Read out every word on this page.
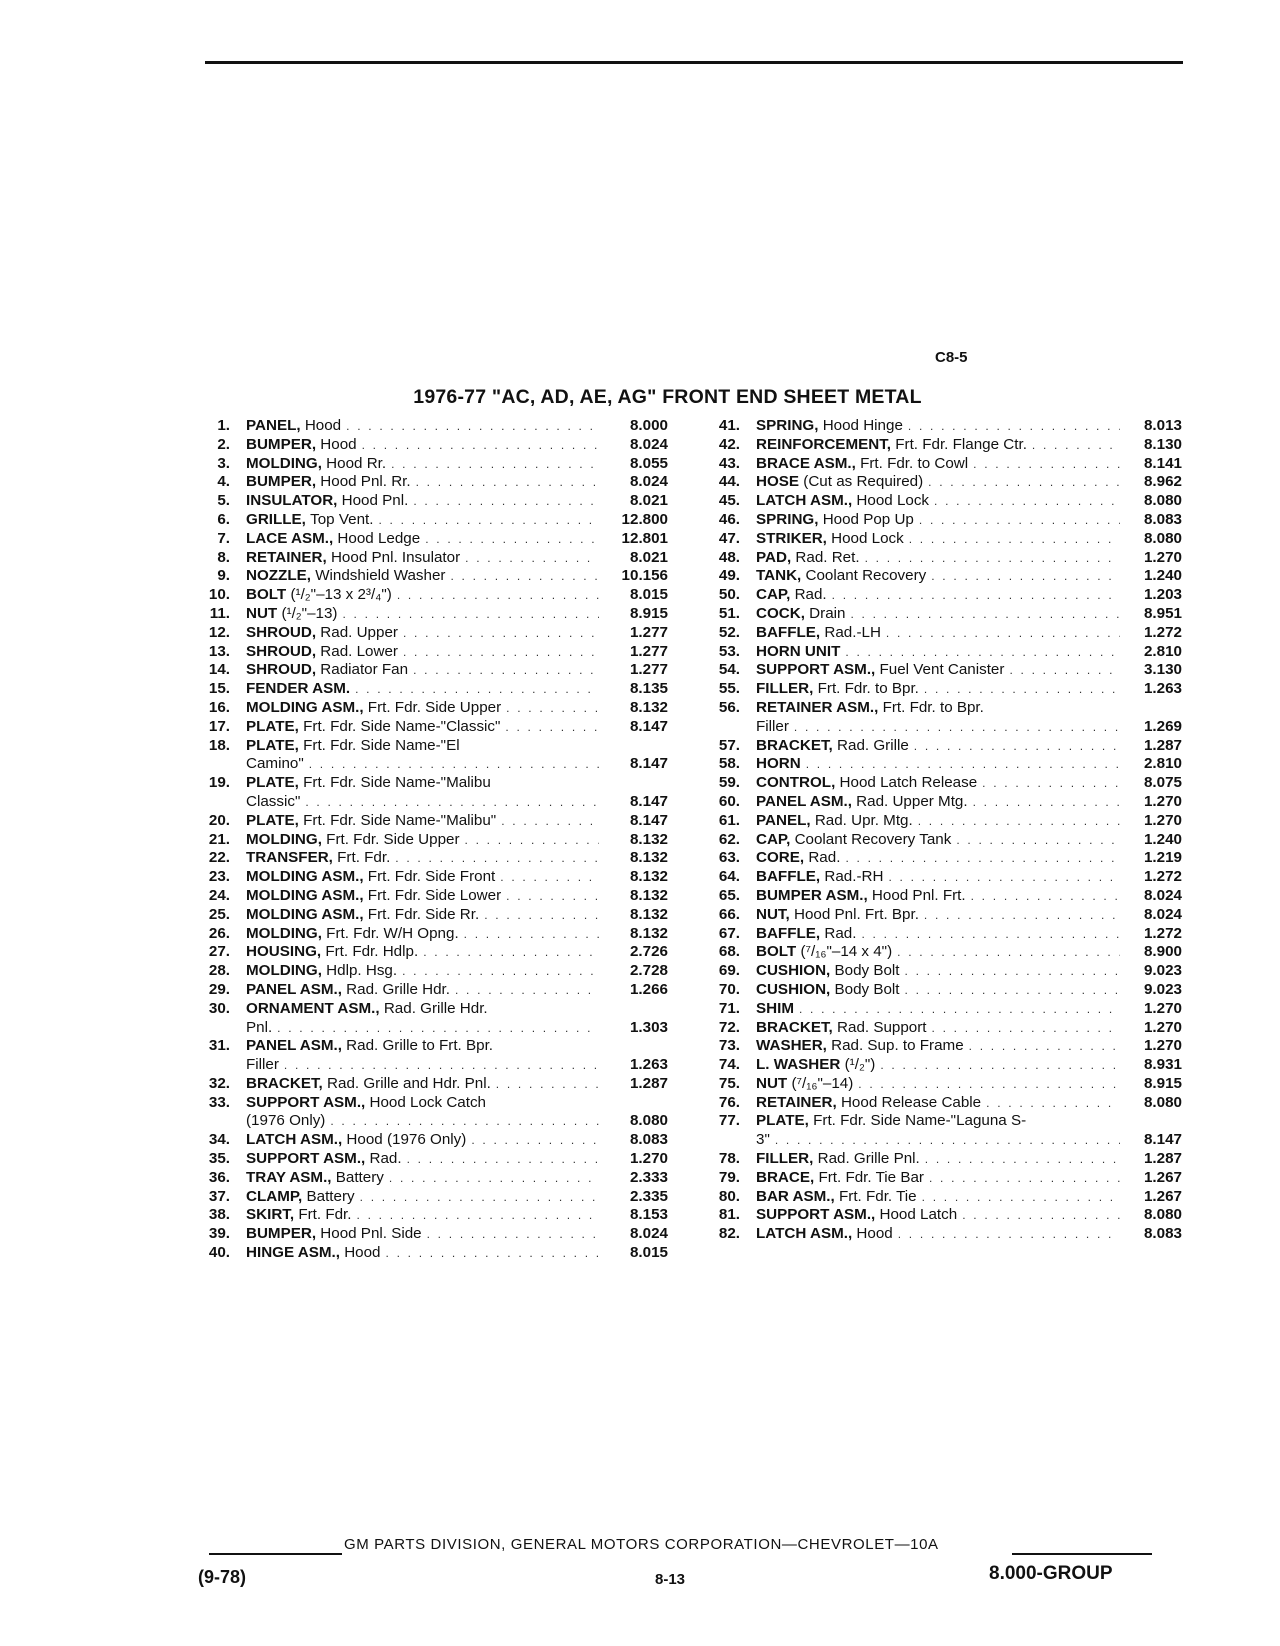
C8-5
1976-77 "AC, AD, AE, AG" FRONT END SHEET METAL
1. PANEL,
Hood . . .	8.000
2. BUMPER,
Hood . . .	8.024
3. MOLDING,
Hood Rr. . . .	8.055
4. BUMPER,
Hood Pnl. Rr. . . .	8.024
5. INSULATOR,
Hood Pnl. . . .	8.021
6. GRILLE,
Top Vent. . . .	12.800
7. LACE ASM.,
Hood Ledge . . .	12.801
8. RETAINER,
Hood Pnl. Insulator . . .	8.021
9. NOZZLE,
Windshield Washer . . .	10.156
10. BOLT
(¹/₂"–13 x 2³/₄") . . .	8.015
11. NUT
(¹/₂"–13) . . .	8.915
12. SHROUD,
Rad. Upper . . .	1.277
13. SHROUD,
Rad. Lower . . .	1.277
14. SHROUD,
Radiator Fan . . .	1.277
15. FENDER ASM. . . .	8.135
16. MOLDING ASM.,
Frt. Fdr. Side Upper . . .	8.132
17. PLATE,
Frt. Fdr. Side Name-"Classic" . . .	8.147
18. PLATE, Frt. Fdr. Side Name-"El
Camino" . . .	8.147
19. PLATE, Frt. Fdr. Side Name-"Malibu
Classic" . . .	8.147
20. PLATE,
Frt. Fdr. Side Name-"Malibu" . . .	8.147
21. MOLDING,
Frt. Fdr. Side Upper . . .	8.132
22. TRANSFER,
Frt. Fdr. . . .	8.132
23. MOLDING ASM.,
Frt. Fdr. Side Front . . .	8.132
24. MOLDING ASM.,
Frt. Fdr. Side Lower . . .	8.132
25. MOLDING ASM.,
Frt. Fdr. Side Rr. . . .	8.132
26. MOLDING,
Frt. Fdr. W/H Opng. . . .	8.132
27. HOUSING,
Frt. Fdr. Hdlp. . . .	2.726
28. MOLDING,
Hdlp. Hsg. . . .	2.728
29. PANEL ASM.,
Rad. Grille Hdr. . . .	1.266
30. ORNAMENT ASM., Rad. Grille Hdr.
Pnl. . . .	1.303
31. PANEL ASM., Rad. Grille to Frt. Bpr.
Filler . . .	1.263
32. BRACKET,
Rad. Grille and Hdr. Pnl. . . .	1.287
33. SUPPORT ASM., Hood Lock Catch
(1976 Only) . . .	8.080
34. LATCH ASM.,
Hood (1976 Only) . . .	8.083
35. SUPPORT ASM.,
Rad. . . .	1.270
36. TRAY ASM.,
Battery . . .	2.333
37. CLAMP,
Battery . . .	2.335
38. SKIRT,
Frt. Fdr. . . .	8.153
39. BUMPER,
Hood Pnl. Side . . .	8.024
40. HINGE ASM.,
Hood . . .	8.015
41. SPRING,
Hood Hinge . . .	8.013
42. REINFORCEMENT,
Frt. Fdr. Flange Ctr. . . .	8.130
43. BRACE ASM.,
Frt. Fdr. to Cowl . . .	8.141
44. HOSE
(Cut as Required) . . .	8.962
45. LATCH ASM.,
Hood Lock . . .	8.080
46. SPRING,
Hood Pop Up . . .	8.083
47. STRIKER,
Hood Lock . . .	8.080
48. PAD,
Rad. Ret. . . .	1.270
49. TANK,
Coolant Recovery . . .	1.240
50. CAP,
Rad. . . .	1.203
51. COCK,
Drain . . .	8.951
52. BAFFLE,
Rad.-LH . . .	1.272
53. HORN UNIT . . .	2.810
54. SUPPORT ASM.,
Fuel Vent Canister . . .	3.130
55. FILLER,
Frt. Fdr. to Bpr. . . .	1.263
56. RETAINER ASM., Frt. Fdr. to Bpr.
Filler . . .	1.269
57. BRACKET,
Rad. Grille . . .	1.287
58. HORN . . .	2.810
59. CONTROL,
Hood Latch Release . . .	8.075
60. PANEL ASM.,
Rad. Upper Mtg. . . .	1.270
61. PANEL,
Rad. Upr. Mtg. . . .	1.270
62. CAP,
Coolant Recovery Tank . . .	1.240
63. CORE,
Rad. . . .	1.219
64. BAFFLE,
Rad.-RH . . .	1.272
65. BUMPER ASM.,
Hood Pnl. Frt. . . .	8.024
66. NUT,
Hood Pnl. Frt. Bpr. . . .	8.024
67. BAFFLE,
Rad. . . .	1.272
68. BOLT
(⁷/₁₆"–14 x 4") . . .	8.900
69. CUSHION,
Body Bolt . . .	9.023
70. CUSHION,
Body Bolt . . .	9.023
71. SHIM . . .	1.270
72. BRACKET,
Rad. Support . . .	1.270
73. WASHER,
Rad. Sup. to Frame . . .	1.270
74. L. WASHER
(¹/₂") . . .	8.931
75. NUT
(⁷/₁₆"–14) . . .	8.915
76. RETAINER,
Hood Release Cable . . .	8.080
77. PLATE, Frt. Fdr. Side Name-"Laguna S-
3" . . .	8.147
78. FILLER,
Rad. Grille Pnl. . . .	1.287
79. BRACE,
Frt. Fdr. Tie Bar . . .	1.267
80. BAR ASM.,
Frt. Fdr. Tie . . .	1.267
81. SUPPORT ASM.,
Hood Latch . . .	8.080
82. LATCH ASM.,
Hood . . .	8.083
GM PARTS DIVISION, GENERAL MOTORS CORPORATION—CHEVROLET—10A
(9-78)	8-13	8.000-GROUP
